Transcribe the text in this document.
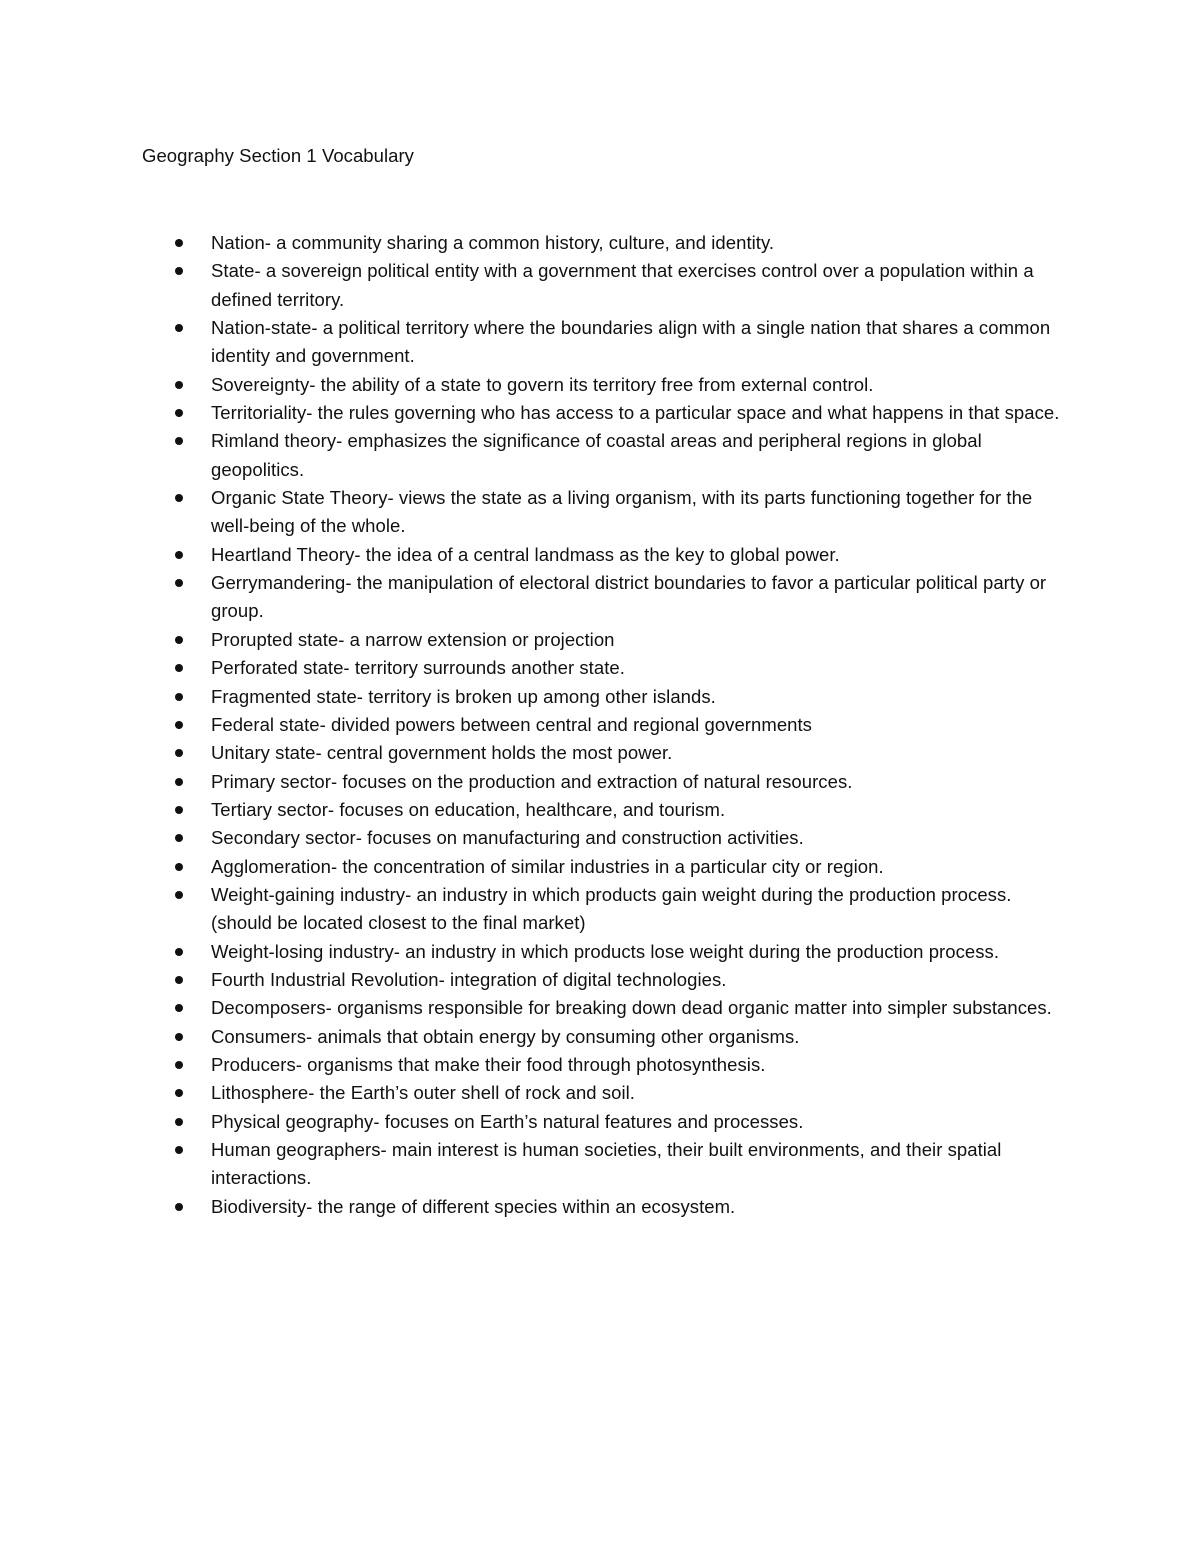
Geography Section 1 Vocabulary
Nation- a community sharing a common history, culture, and identity.
State- a sovereign political entity with a government that exercises control over a population within a defined territory.
Nation-state- a political territory where the boundaries align with a single nation that shares a common identity and government.
Sovereignty- the ability of a state to govern its territory free from external control.
Territoriality- the rules governing who has access to a particular space and what happens in that space.
Rimland theory- emphasizes the significance of coastal areas and peripheral regions in global geopolitics.
Organic State Theory- views the state as a living organism, with its parts functioning together for the well-being of the whole.
Heartland Theory- the idea of a central landmass as the key to global power.
Gerrymandering- the manipulation of electoral district boundaries to favor a particular political party or group.
Prorupted state- a narrow extension or projection
Perforated state- territory surrounds another state.
Fragmented state- territory is broken up among other islands.
Federal state- divided powers between central and regional governments
Unitary state- central government holds the most power.
Primary sector- focuses on the production and extraction of natural resources.
Tertiary sector- focuses on education, healthcare, and tourism.
Secondary sector- focuses on manufacturing and construction activities.
Agglomeration- the concentration of similar industries in a particular city or region.
Weight-gaining industry- an industry in which products gain weight during the production process. (should be located closest to the final market)
Weight-losing industry- an industry in which products lose weight during the production process.
Fourth Industrial Revolution- integration of digital technologies.
Decomposers- organisms responsible for breaking down dead organic matter into simpler substances.
Consumers- animals that obtain energy by consuming other organisms.
Producers- organisms that make their food through photosynthesis.
Lithosphere- the Earth’s outer shell of rock and soil.
Physical geography- focuses on Earth’s natural features and processes.
Human geographers- main interest is human societies, their built environments, and their spatial interactions.
Biodiversity- the range of different species within an ecosystem.
